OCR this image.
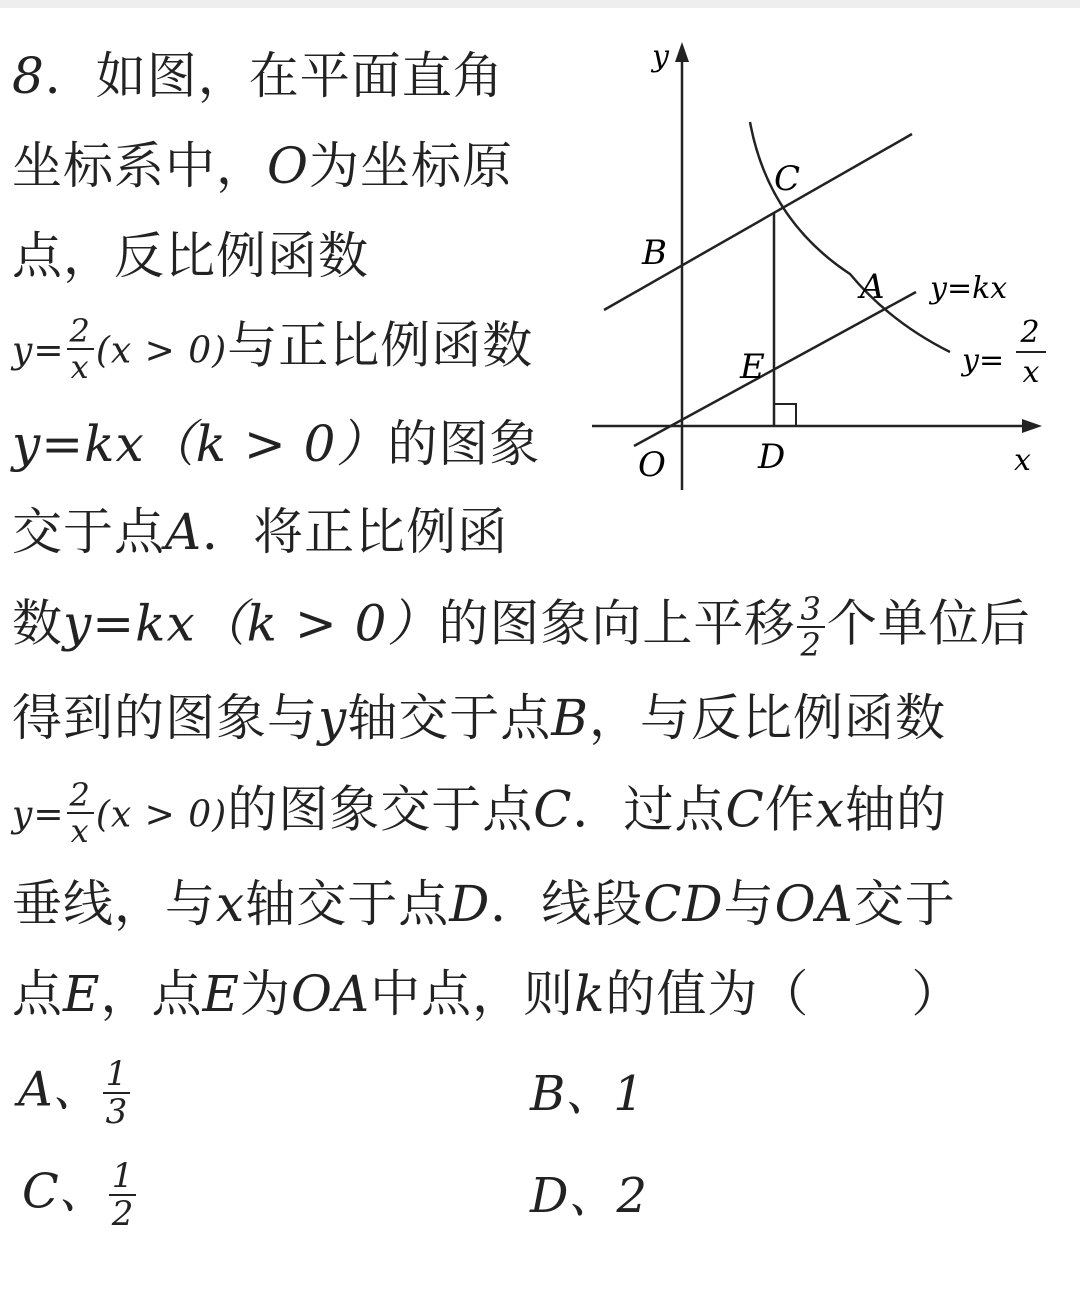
8．如图，在平面直角
坐标系中，O为坐标原
点，反比例函数
$y= \frac{2}{x} (x > 0)$与正比例函数
y=kx（k > 0）的图象
交于点A．将正比例函
数y=kx（k > 0）的图象向上平移 $\frac{3}{2}$ 个单位后
得到的图象与y轴交于点B，与反比例函数
$y= \frac{2}{x} (x > 0)$的图象交于点C．过点C作x轴的
垂线，与x轴交于点D．线段CD与OA交于
点E，点E为OA中点，则k的值为（　　）
A、 $\frac{1}{3}$	B、1
C、 $\frac{1}{2}$	D、2
y
x
O	D
E
B
C
A y=kx
y=
2
x
